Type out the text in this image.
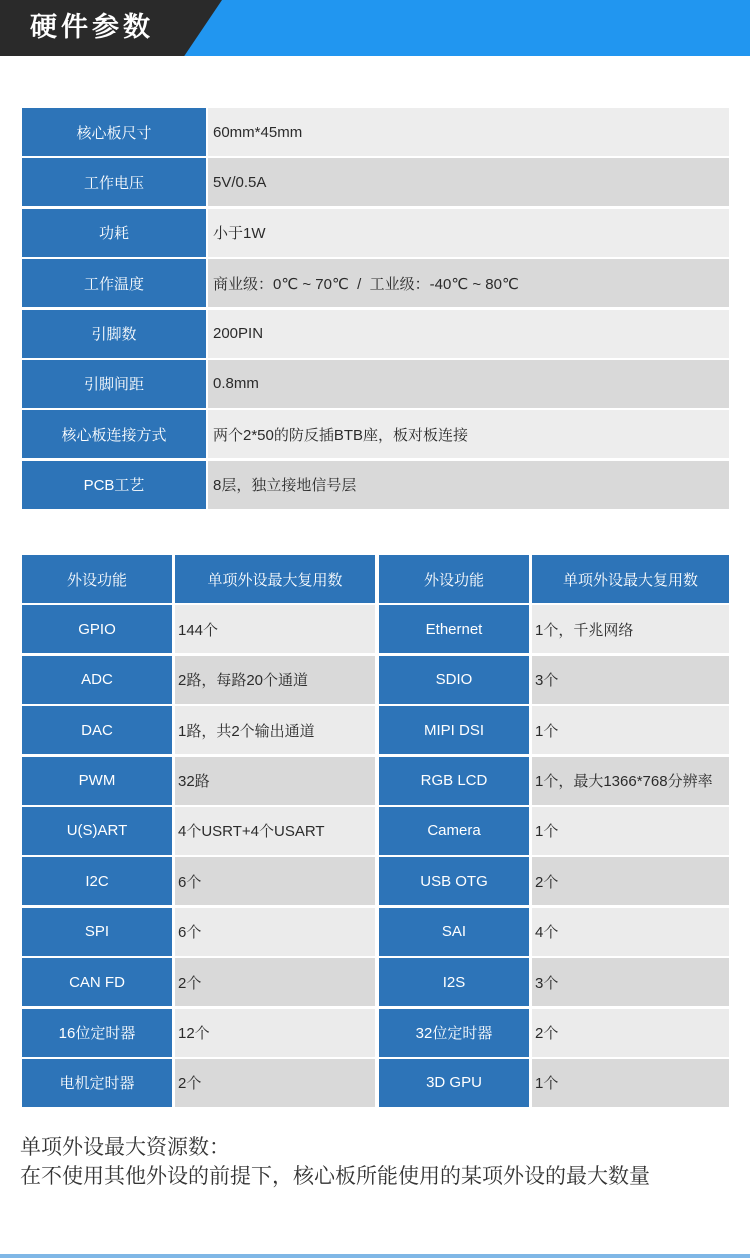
硬件参数
核心板尺寸	60mm*45mm
工作电压	5V/0.5A
功耗	小于1W
工作温度	商业级：0℃ ~ 70℃  /  工业级：-40℃ ~ 80℃
引脚数	200PIN
引脚间距	0.8mm
核心板连接方式	两个2*50的防反插BTB座，板对板连接
PCB工艺	8层，独立接地信号层
外设功能	单项外设最大复用数	外设功能	单项外设最大复用数
GPIO	144个	Ethernet	1个，千兆网络
ADC	2路，每路20个通道	SDIO	3个
DAC	1路，共2个输出通道	MIPI DSI	1个
PWM	32路	RGB LCD	1个，最大1366*768分辨率
U(S)ART	4个USRT+4个USART	Camera	1个
I2C	6个	USB OTG	2个
SPI	6个	SAI	4个
CAN FD	2个	I2S	3个
16位定时器	12个	32位定时器	2个
电机定时器	2个	3D GPU	1个
单项外设最大资源数：
在不使用其他外设的前提下，核心板所能使用的某项外设的最大数量
